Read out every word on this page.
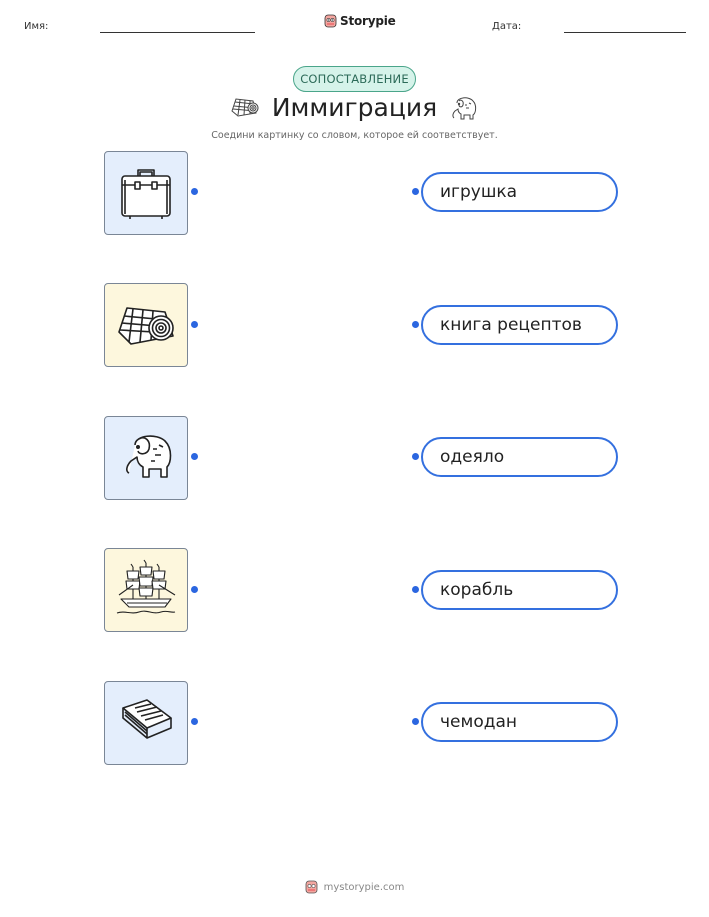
Имя:	Storypie	Дата:
СОПОСТАВЛЕНИЕ
Иммиграция
Соедини картинку со словом, которое ей соответствует.
игрушка
книга рецептов
одеяло
корабль
чемодан
mystorypie.com
